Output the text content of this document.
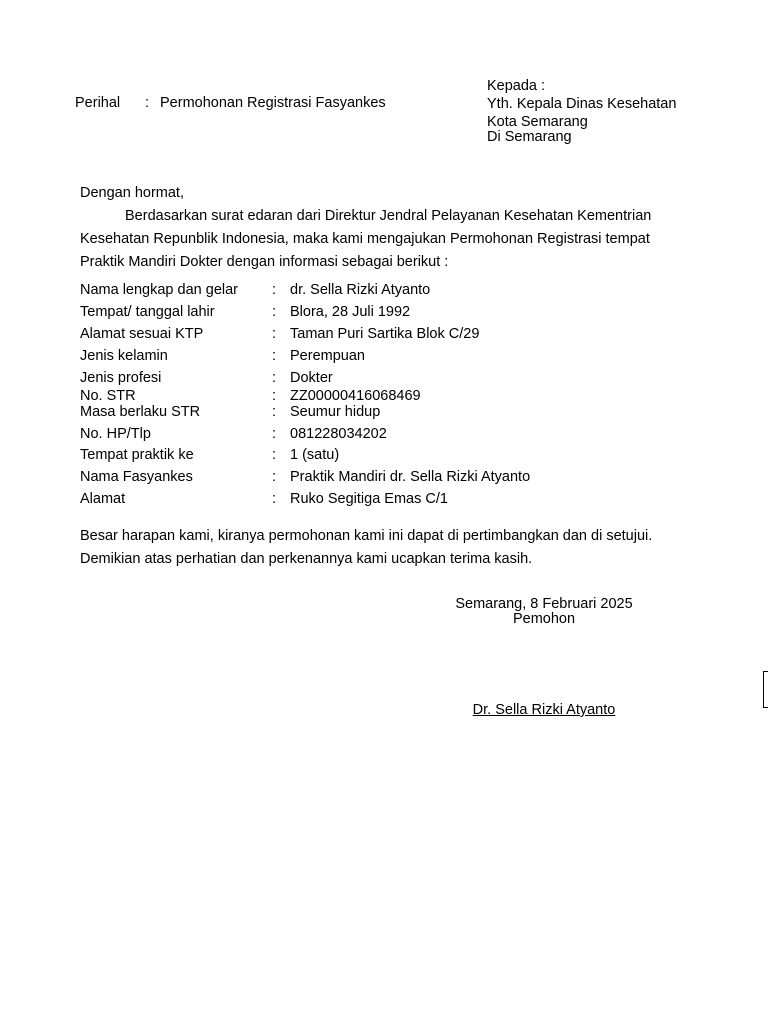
Perihal : Permohonan Registrasi Fasyankes
Kepada :
Yth. Kepala Dinas Kesehatan
Kota Semarang
Di Semarang
Dengan hormat,
Berdasarkan surat edaran dari Direktur Jendral Pelayanan Kesehatan Kementrian
Kesehatan Repunblik Indonesia, maka kami mengajukan Permohonan Registrasi tempat
Praktik Mandiri Dokter dengan informasi sebagai berikut :
Nama lengkap dan gelar : dr. Sella Rizki Atyanto
Tempat/ tanggal lahir	: Blora, 28 Juli 1992
Alamat sesuai KTP	: Taman Puri Sartika Blok C/29
Jenis kelamin	: Perempuan
Jenis profesi	: Dokter
No. STR	: ZZ00000416068469
Masa berlaku STR	: Seumur hidup
No. HP/Tlp	: 081228034202
Tempat praktik ke	: 1 (satu)
Nama Fasyankes	: Praktik Mandiri dr. Sella Rizki Atyanto
Alamat	: Ruko Segitiga Emas C/1
Besar harapan kami, kiranya permohonan kami ini dapat di pertimbangkan dan di setujui.
Demikian atas perhatian dan perkenannya kami ucapkan terima kasih.
Semarang, 8 Februari 2025
Pemohon
Dr. Sella Rizki Atyanto
